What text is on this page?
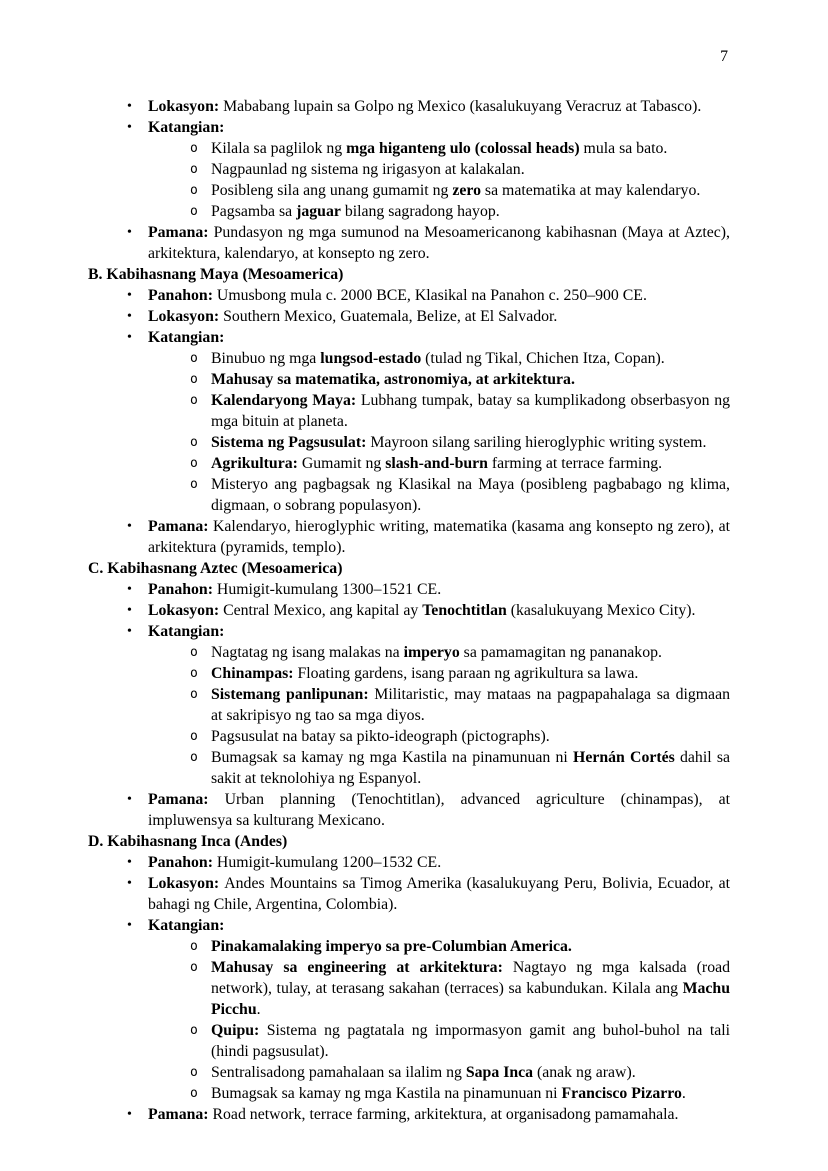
7
• Lokasyon: Mababang lupain sa Golpo ng Mexico (kasalukuyang Veracruz at Tabasco).
• Katangian:
o Kilala sa paglilok ng mga higanteng ulo (colossal heads) mula sa bato.
o Nagpaunlad ng sistema ng irigasyon at kalakalan.
o Posibleng sila ang unang gumamit ng zero sa matematika at may kalendaryo.
o Pagsamba sa jaguar bilang sagradong hayop.
• Pamana: Pundasyon ng mga sumunod na Mesoamericanong kabihasnan (Maya at Aztec), arkitektura, kalendaryo, at konsepto ng zero.
B. Kabihasnang Maya (Mesoamerica)
• Panahon: Umusbong mula c. 2000 BCE, Klasikal na Panahon c. 250–900 CE.
• Lokasyon: Southern Mexico, Guatemala, Belize, at El Salvador.
• Katangian:
o Binubuo ng mga lungsod-estado (tulad ng Tikal, Chichen Itza, Copan).
o Mahusay sa matematika, astronomiya, at arkitektura.
o Kalendaryong Maya: Lubhang tumpak, batay sa kumplikadong obserbasyon ng mga bituin at planeta.
o Sistema ng Pagsusulat: Mayroon silang sariling hieroglyphic writing system.
o Agrikultura: Gumamit ng slash-and-burn farming at terrace farming.
o Misteryo ang pagbagsak ng Klasikal na Maya (posibleng pagbabago ng klima, digmaan, o sobrang populasyon).
• Pamana: Kalendaryo, hieroglyphic writing, matematika (kasama ang konsepto ng zero), at arkitektura (pyramids, templo).
C. Kabihasnang Aztec (Mesoamerica)
• Panahon: Humigit-kumulang 1300–1521 CE.
• Lokasyon: Central Mexico, ang kapital ay Tenochtitlan (kasalukuyang Mexico City).
• Katangian:
o Nagtatag ng isang malakas na imperyo sa pamamagitan ng pananakop.
o Chinampas: Floating gardens, isang paraan ng agrikultura sa lawa.
o Sistemang panlipunan: Militaristic, may mataas na pagpapahalaga sa digmaan at sakripisyo ng tao sa mga diyos.
o Pagsusulat na batay sa pikto-ideograph (pictographs).
o Bumagsak sa kamay ng mga Kastila na pinamunuan ni Hernán Cortés dahil sa sakit at teknolohiya ng Espanyol.
• Pamana: Urban planning (Tenochtitlan), advanced agriculture (chinampas), at impluwensya sa kulturang Mexicano.
D. Kabihasnang Inca (Andes)
• Panahon: Humigit-kumulang 1200–1532 CE.
• Lokasyon: Andes Mountains sa Timog Amerika (kasalukuyang Peru, Bolivia, Ecuador, at bahagi ng Chile, Argentina, Colombia).
• Katangian:
o Pinakamalaking imperyo sa pre-Columbian America.
o Mahusay sa engineering at arkitektura: Nagtayo ng mga kalsada (road network), tulay, at terasang sakahan (terraces) sa kabundukan. Kilala ang Machu Picchu.
o Quipu: Sistema ng pagtatala ng impormasyon gamit ang buhol-buhol na tali (hindi pagsusulat).
o Sentralisadong pamahalaan sa ilalim ng Sapa Inca (anak ng araw).
o Bumagsak sa kamay ng mga Kastila na pinamunuan ni Francisco Pizarro.
• Pamana: Road network, terrace farming, arkitektura, at organisadong pamamahala.
